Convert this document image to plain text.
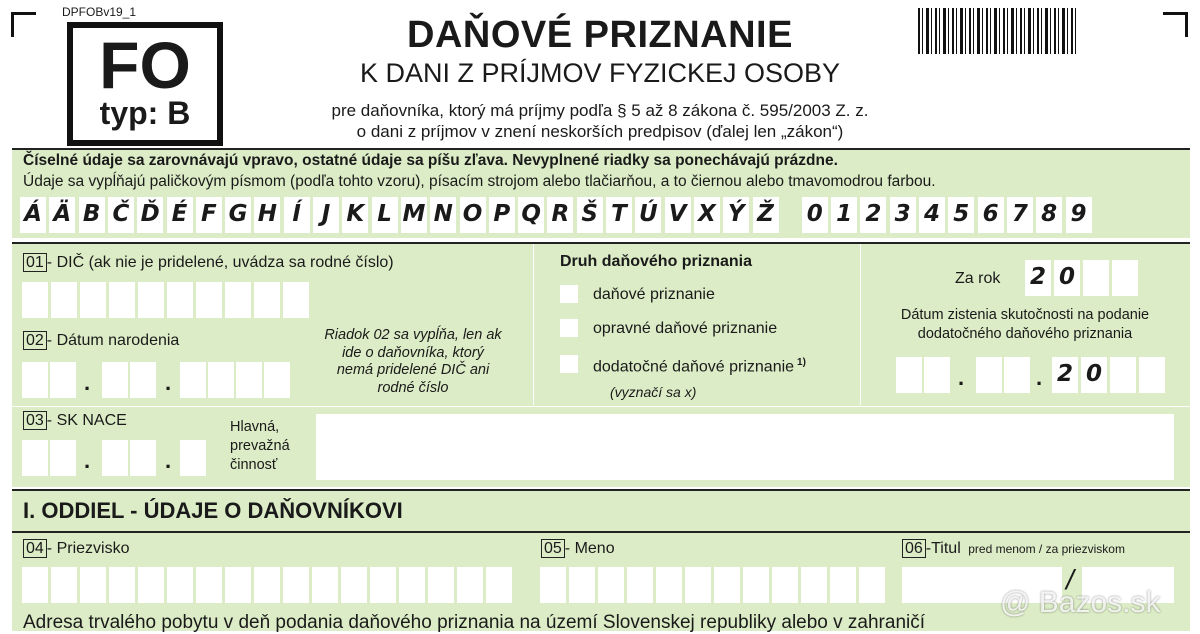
DPFOBv19_1
FO
typ: B
DAŇOVÉ PRIZNANIE
K DANI Z PRÍJMOV FYZICKEJ OSOBY
pre daňovníka, ktorý má príjmy podľa § 5 až 8 zákona č. 595/2003 Z. z.
o dani z príjmov v znení neskorších predpisov (ďalej len „zákon“)
Číselné údaje sa zarovnávajú vpravo, ostatné údaje sa píšu zľava. Nevyplnené riadky sa ponechávajú prázdne.
Údaje sa vypĺňajú paličkovým písmom (podľa tohto vzoru), písacím strojom alebo tlačiarňou, a to čiernou alebo tmavomodrou farbou.
Á Ä B Č Ď É F G H Í J K L M N O P Q R Š T Ú V X Ý Ž 0 1 2 3 4 5 6 7 8 9
01 - DIČ (ak nie je pridelené, uvádza sa rodné číslo)
02 - Dátum narodenia
.	.
Riadok 02 sa vypĺňa, len ak
ide o daňovníka, ktorý
nemá pridelené DIČ ani
rodné číslo
Druh daňového priznania
daňové priznanie
opravné daňové priznanie
dodatočné daňové priznanie $^{1)}$
(vyznačí sa x)
Za rok 2 0
Dátum zistenia skutočnosti na podanie
dodatočného daňového priznania
.	. 2 0
03 - SK NACE
.	.
Hlavná,
prevažná
činnosť
I. ODDIEL - ÚDAJE O DAŇOVNÍKOVI
04 - Priezvisko	05 - Meno	06 -Titul pred menom / za priezviskom
/
Adresa trvalého pobytu v deň podania daňového priznania na území Slovenskej republiky alebo v zahraničí
@ Bazos.sk
